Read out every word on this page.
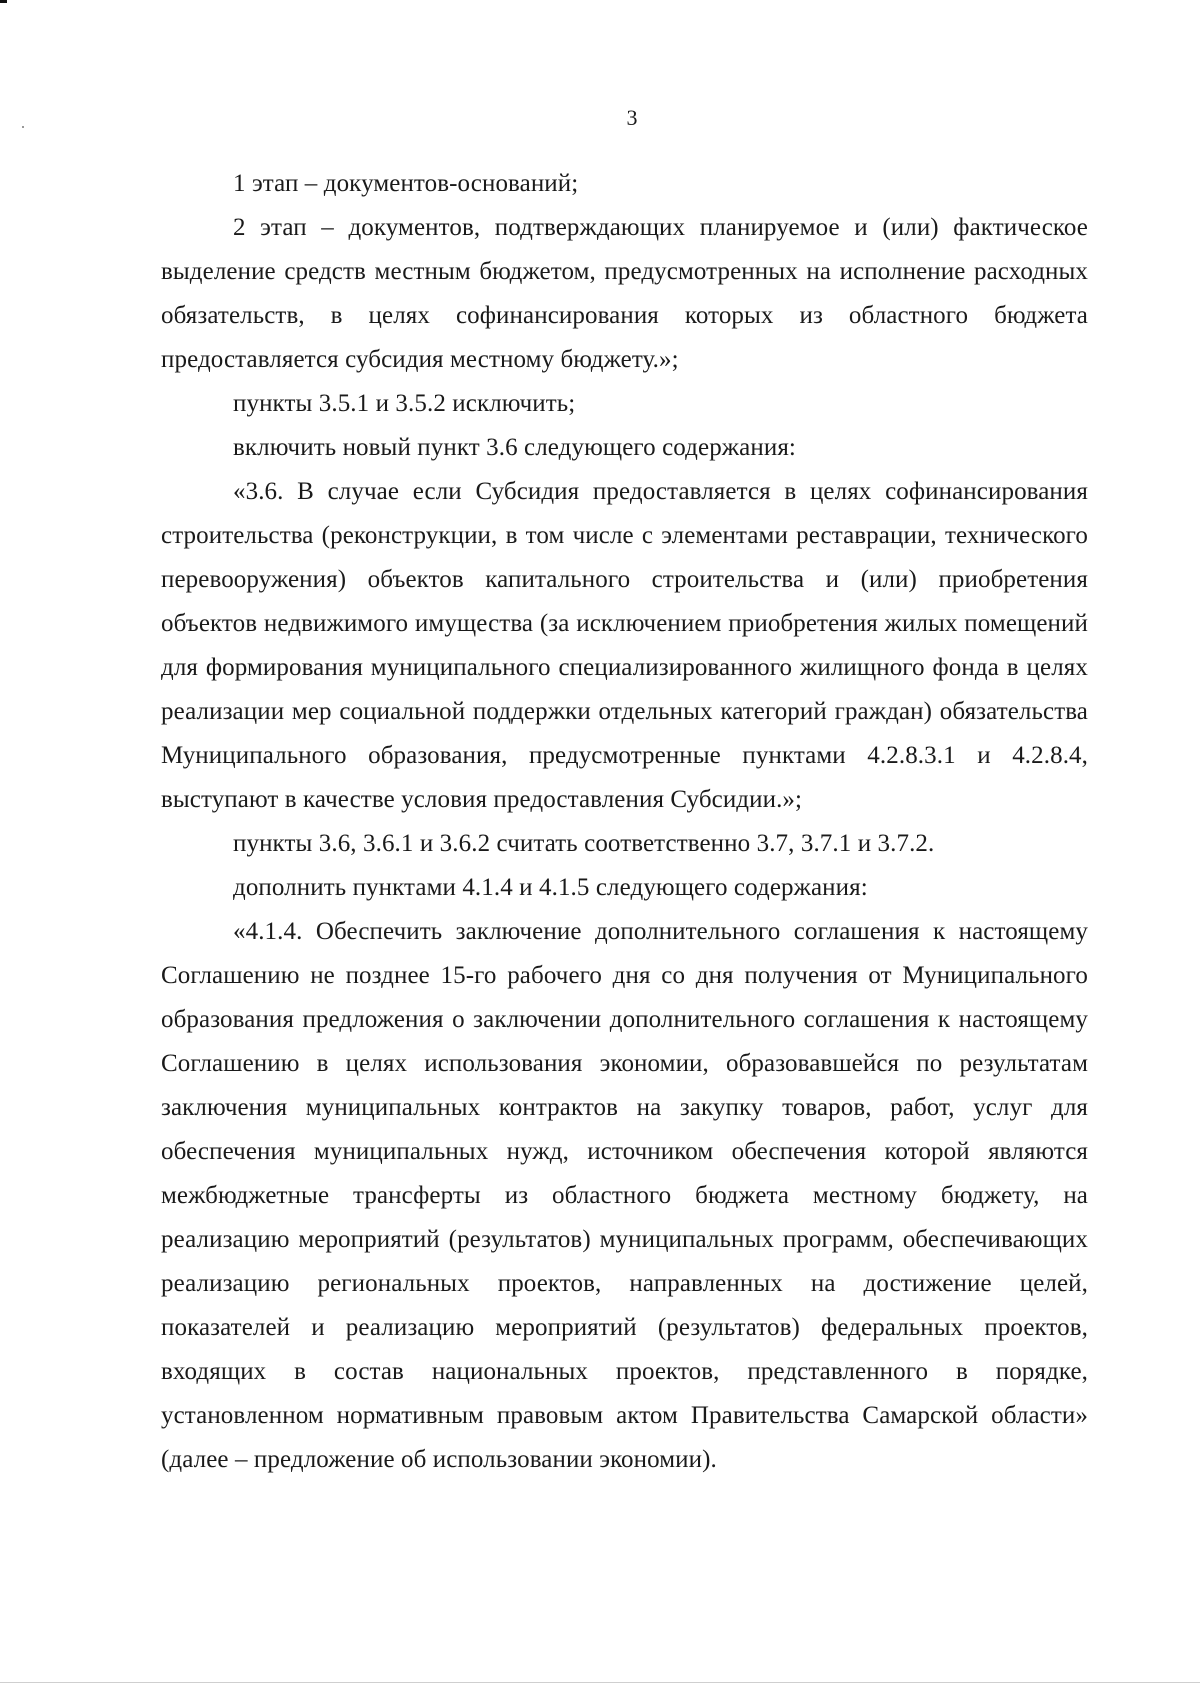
3

1 этап – документов-оснований;

2 этап – документов, подтверждающих планируемое и (или) фактическое выделение средств местным бюджетом, предусмотренных на исполнение расходных обязательств, в целях софинансирования которых из областного бюджета предоставляется субсидия местному бюджету.»;

пункты 3.5.1 и 3.5.2 исключить;

включить новый пункт 3.6 следующего содержания:

«3.6. В случае если Субсидия предоставляется в целях софинансирования строительства (реконструкции, в том числе с элементами реставрации, технического перевооружения) объектов капитального строительства и (или) приобретения объектов недвижимого имущества (за исключением приобретения жилых помещений для формирования муниципального специализированного жилищного фонда в целях реализации мер социальной поддержки отдельных категорий граждан) обязательства Муниципального образования, предусмотренные пунктами 4.2.8.3.1 и 4.2.8.4, выступают в качестве условия предоставления Субсидии.»;

пункты 3.6, 3.6.1 и 3.6.2 считать соответственно 3.7, 3.7.1 и 3.7.2.

дополнить пунктами 4.1.4 и 4.1.5 следующего содержания:

«4.1.4. Обеспечить заключение дополнительного соглашения к настоящему Соглашению не позднее 15-го рабочего дня со дня получения от Муниципального образования предложения о заключении дополнительного соглашения к настоящему Соглашению в целях использования экономии, образовавшейся по результатам заключения муниципальных контрактов на закупку товаров, работ, услуг для обеспечения муниципальных нужд, источником обеспечения которой являются межбюджетные трансферты из областного бюджета местному бюджету, на реализацию мероприятий (результатов) муниципальных программ, обеспечивающих реализацию региональных проектов, направленных на достижение целей, показателей и реализацию мероприятий (результатов) федеральных проектов, входящих в состав национальных проектов, представленного в порядке, установленном нормативным правовым актом Правительства Самарской области» (далее – предложение об использовании экономии).
